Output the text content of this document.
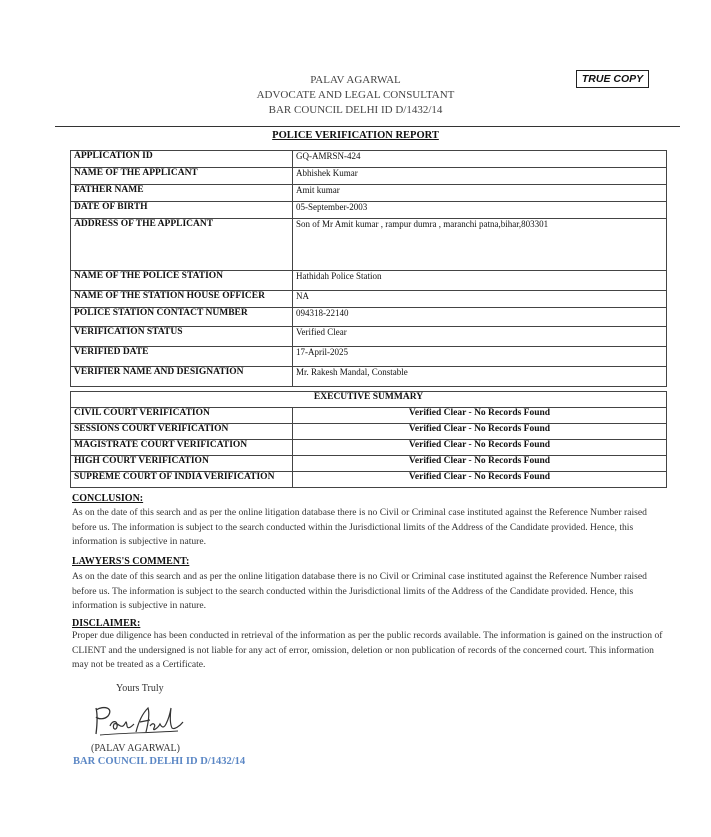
PALAV AGARWAL
ADVOCATE AND LEGAL CONSULTANT
BAR COUNCIL DELHI ID D/1432/14
TRUE COPY
POLICE VERIFICATION REPORT
APPLICATION ID	GQ-AMRSN-424
NAME OF THE APPLICANT	Abhishek Kumar
FATHER NAME	Amit kumar
DATE OF BIRTH	05-September-2003
ADDRESS OF THE APPLICANT	Son of Mr Amit kumar , rampur dumra , maranchi patna,bihar,803301
NAME OF THE POLICE STATION	Hathidah Police Station
NAME OF THE STATION HOUSE OFFICER	NA
POLICE STATION CONTACT NUMBER	094318-22140
VERIFICATION STATUS	Verified Clear
VERIFIED DATE	17-April-2025
VERIFIER NAME AND DESIGNATION	Mr. Rakesh Mandal, Constable
EXECUTIVE SUMMARY	
CIVIL COURT VERIFICATION	Verified Clear - No Records Found
SESSIONS COURT VERIFICATION	Verified Clear - No Records Found
MAGISTRATE COURT VERIFICATION	Verified Clear - No Records Found
HIGH COURT VERIFICATION	Verified Clear - No Records Found
SUPREME COURT OF INDIA VERIFICATION	Verified Clear - No Records Found
CONCLUSION:

As on the date of this search and as per the online litigation database there is no Civil or Criminal case instituted against the Reference Number raised before us. The information is subject to the search conducted within the Jurisdictional limits of the Address of the Candidate provided. Hence, this information is subjective in nature.

LAWYERS'S COMMENT:

As on the date of this search and as per the online litigation database there is no Civil or Criminal case instituted against the Reference Number raised before us. The information is subject to the search conducted within the Jurisdictional limits of the Address of the Candidate provided. Hence, this information is subjective in nature.

DISCLAIMER:

Proper due diligence has been conducted in retrieval of the information as per the public records available. The information is gained on the instruction of CLIENT and the undersigned is not liable for any act of error, omission, deletion or non publication of records of the concerned court. This information may not be treated as a Certificate.

Yours Truly
(PALAV AGARWAL)
BAR COUNCIL DELHI ID D/1432/14
